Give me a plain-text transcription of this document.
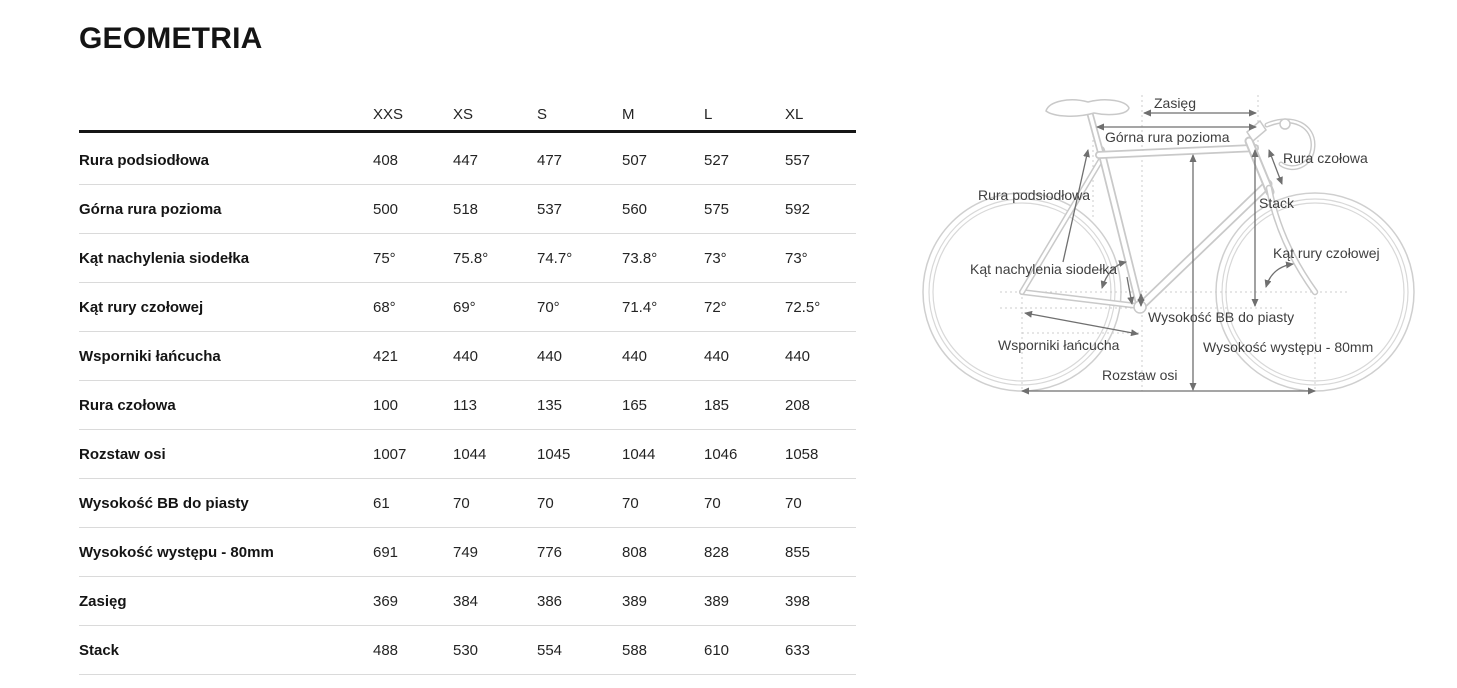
GEOMETRIA
XXS	XS	S	M	L	XL
Rura podsiodłowa	408	447	477	507	527	557
Górna rura pozioma	500	518	537	560	575	592
Kąt nachylenia siodełka	75°	75.8°	74.7°	73.8°	73°	73°
Kąt rury czołowej	68°	69°	70°	71.4°	72°	72.5°
Wsporniki łańcucha	421	440	440	440	440	440
Rura czołowa	100	113	135	165	185	208
Rozstaw osi	1007	1044	1045	1044	1046	1058
Wysokość BB do piasty	61	70	70	70	70	70
Wysokość występu - 80mm	691	749	776	808	828	855
Zasięg	369	384	386	389	389	398
Stack	488	530	554	588	610	633
Zasięg
Górna rura pozioma
Rura czołowa
Rura podsiodłowa	Stack
Kąt nachylenia siodełka
Kąt rury czołowej
Wsporniki łańcucha
Wysokość BB do piasty
Wysokość występu - 80mm
Rozstaw osi
